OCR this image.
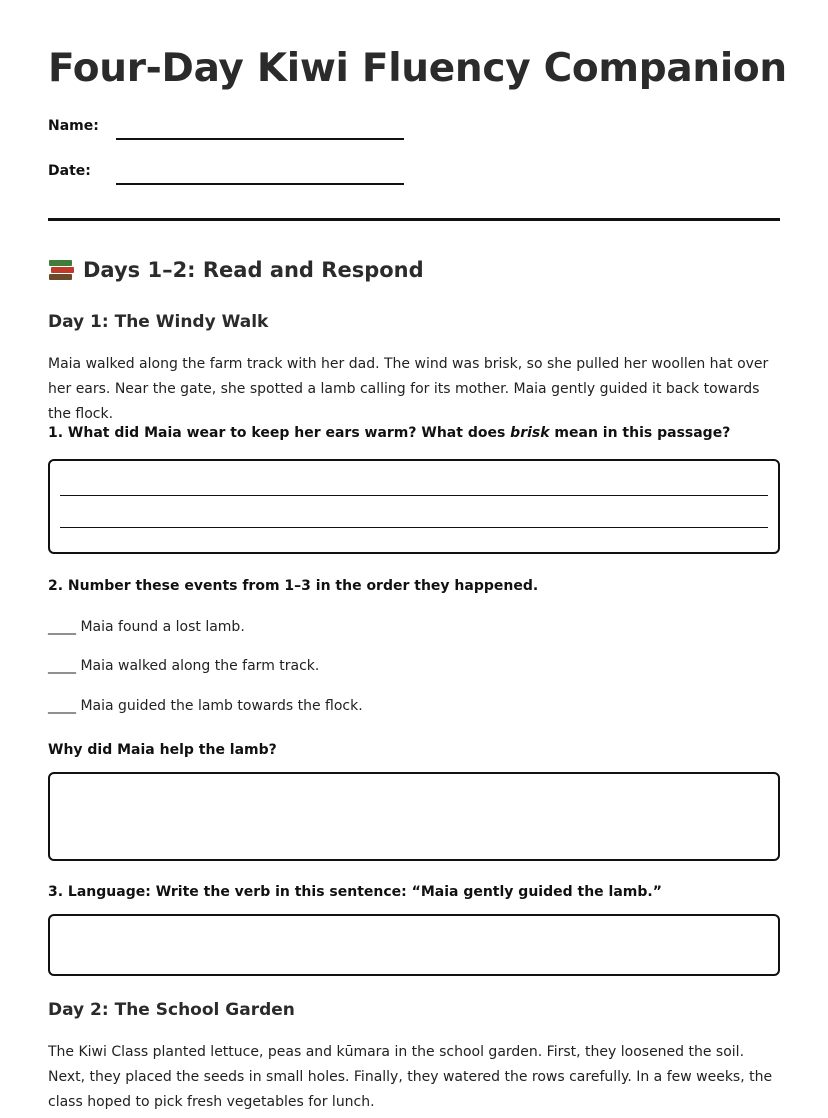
Four-Day Kiwi Fluency Companion
Name:
Date:
Days 1–2: Read and Respond
Day 1: The Windy Walk
Maia walked along the farm track with her dad. The wind was brisk, so she pulled her woollen hat over her ears. Near the gate, she spotted a lamb calling for its mother. Maia gently guided it back towards the flock.
1. What did Maia wear to keep her ears warm? What does brisk mean in this passage?
2. Number these events from 1–3 in the order they happened.
____ Maia found a lost lamb.
____ Maia walked along the farm track.
____ Maia guided the lamb towards the flock.
Why did Maia help the lamb?
3. Language: Write the verb in this sentence: “Maia gently guided the lamb.”
Day 2: The School Garden
The Kiwi Class planted lettuce, peas and kūmara in the school garden. First, they loosened the soil. Next, they placed the seeds in small holes. Finally, they watered the rows carefully. In a few weeks, the class hoped to pick fresh vegetables for lunch.
